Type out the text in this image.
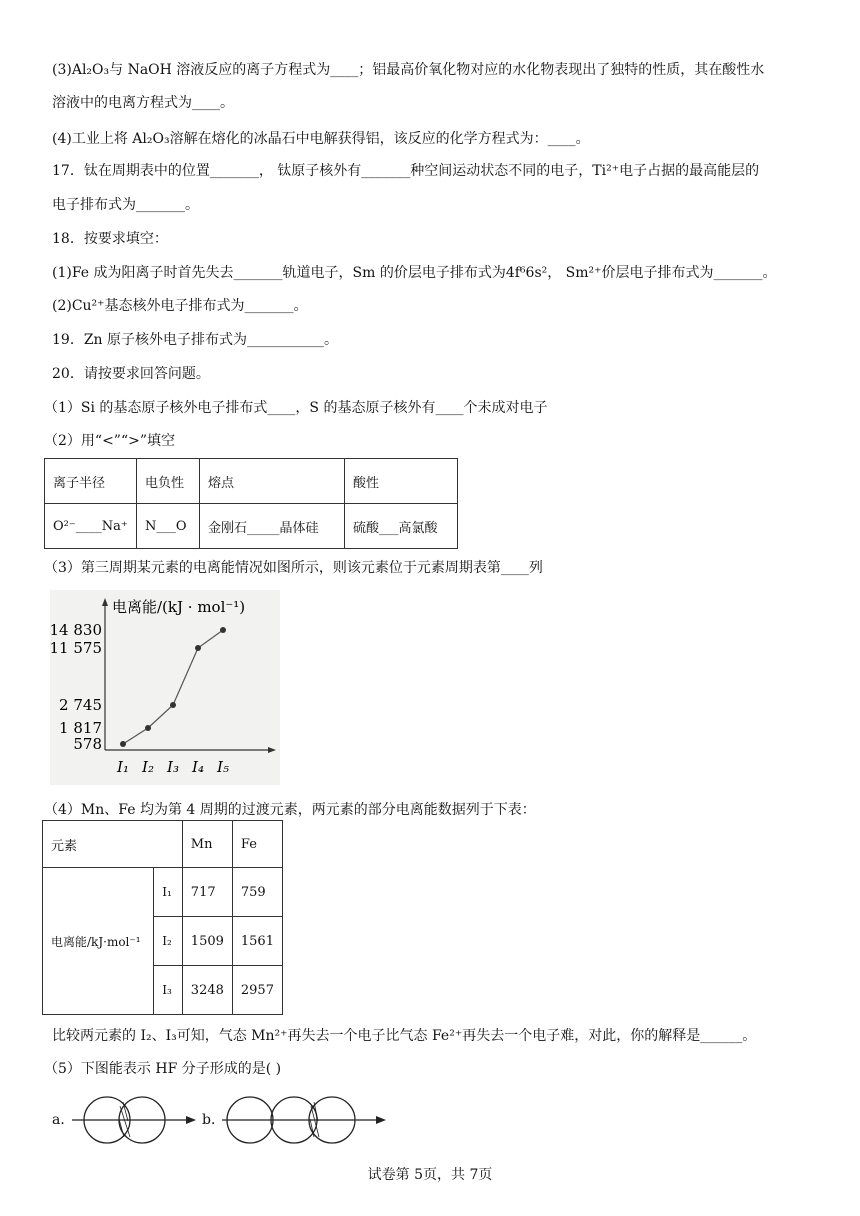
(3)Al₂O₃与 NaOH 溶液反应的离子方程式为____；铝最高价氧化物对应的水化物表现出了独特的性质，其在酸性水
溶液中的电离方程式为____。
(4)工业上将 Al₂O₃溶解在熔化的冰晶石中电解获得铝，该反应的化学方程式为：____。
17．钛在周期表中的位置_______， 钛原子核外有_______种空间运动状态不同的电子，Ti²⁺电子占据的最高能层的
电子排布式为_______。
18．按要求填空：
(1)Fe 成为阳离子时首先失去_______轨道电子，Sm 的价层电子排布式为4f⁶6s²， Sm²⁺价层电子排布式为_______。
(2)Cu²⁺基态核外电子排布式为_______。
19．Zn 原子核外电子排布式为___________。
20．请按要求回答问题。
（1）Si 的基态原子核外电子排布式____，S 的基态原子核外有____个未成对电子
（2）用“<”“>”填空
离子半径	电负性	熔点	酸性
O²⁻____Na⁺	N___O	金刚石_____晶体硅	硫酸___高氯酸
（3）第三周期某元素的电离能情况如图所示，则该元素位于元素周期表第____列
电离能/(kJ · mol⁻¹)
14 830
11 575
2 745
1 817
578
I₁ I₂ I₃ I₄ I₅
（4）Mn、Fe 均为第 4 周期的过渡元素，两元素的部分电离能数据列于下表：
元素		Mn	Fe
电离能/kJ·mol⁻¹	I₁	717	759
	I₂	1509	1561
	I₃	3248	2957
比较两元素的 I₂、I₃可知，气态 Mn²⁺再失去一个电子比气态 Fe²⁺再失去一个电子难，对此，你的解释是______。
（5）下图能表示 HF 分子形成的是( )
a．	b．
试卷第 5页，共 7页
